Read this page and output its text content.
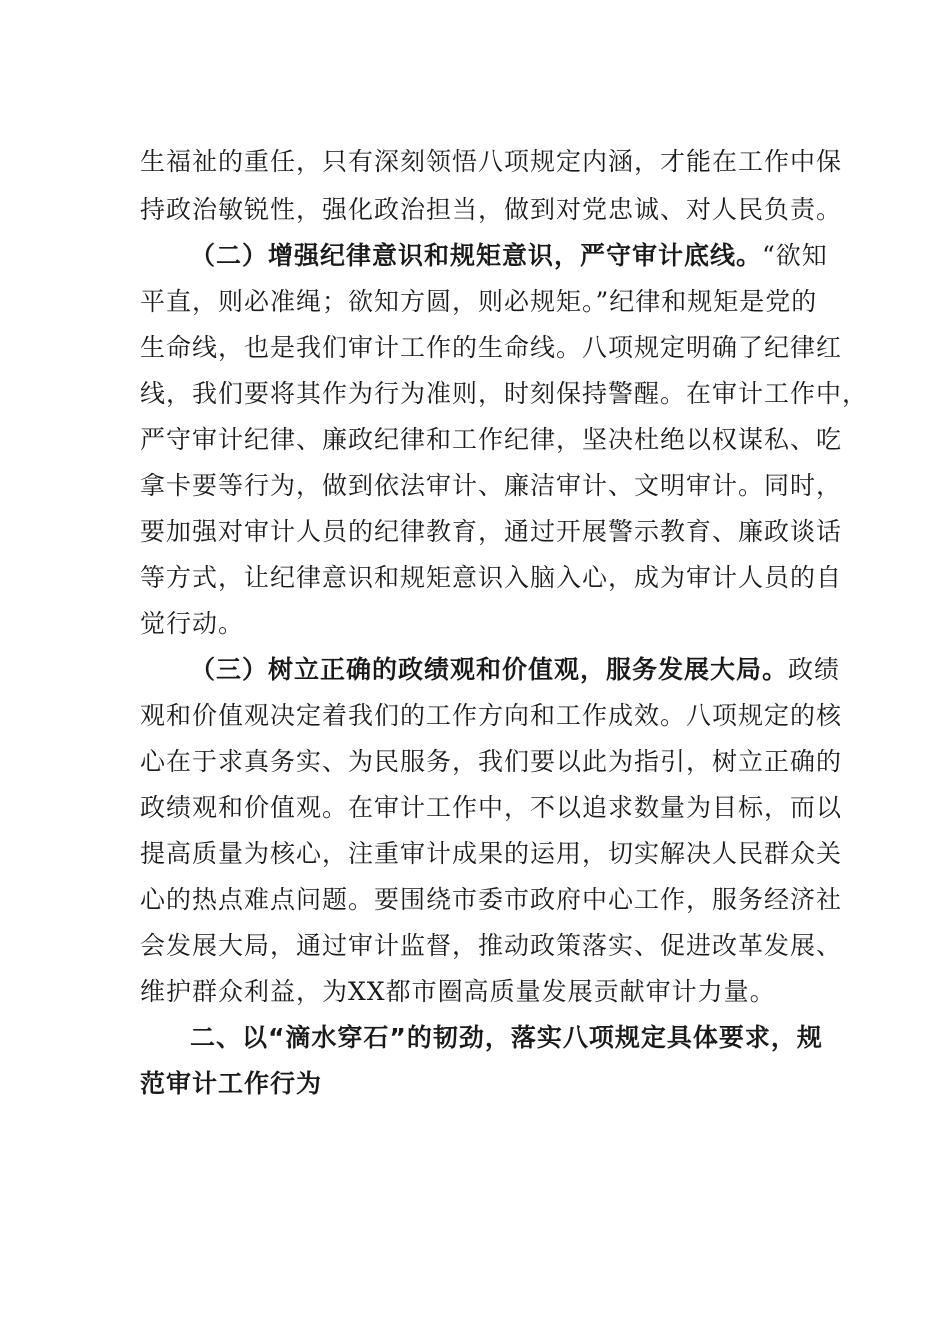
生福祉的重任，只有深刻领悟八项规定内涵，才能在工作中保
持政治敏锐性，强化政治担当，做到对党忠诚、对人民负责。
（二）增强纪律意识和规矩意识，严守审计底线。“欲知
平直，则必准绳；欲知方圆，则必规矩。”纪律和规矩是党的
生命线，也是我们审计工作的生命线。八项规定明确了纪律红
线，我们要将其作为行为准则，时刻保持警醒。在审计工作中，
严守审计纪律、廉政纪律和工作纪律，坚决杜绝以权谋私、吃
拿卡要等行为，做到依法审计、廉洁审计、文明审计。同时，
要加强对审计人员的纪律教育，通过开展警示教育、廉政谈话
等方式，让纪律意识和规矩意识入脑入心，成为审计人员的自
觉行动。
（三）树立正确的政绩观和价值观，服务发展大局。政绩
观和价值观决定着我们的工作方向和工作成效。八项规定的核
心在于求真务实、为民服务，我们要以此为指引，树立正确的
政绩观和价值观。在审计工作中，不以追求数量为目标，而以
提高质量为核心，注重审计成果的运用，切实解决人民群众关
心的热点难点问题。要围绕市委市政府中心工作，服务经济社
会发展大局，通过审计监督，推动政策落实、促进改革发展、
维护群众利益，为XX都市圈高质量发展贡献审计力量。
二、以“滴水穿石”的韧劲，落实八项规定具体要求，规
范审计工作行为
